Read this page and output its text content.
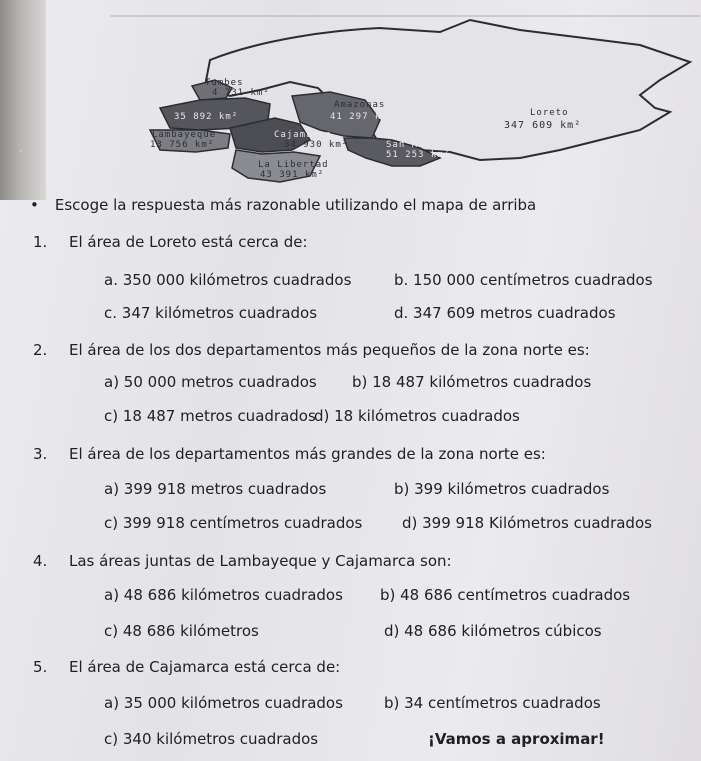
Tumbes
4 731 km²
35 892 km²
Lambayeque
13 756 km²
Amazonas
41 297 km²
Cajamarca
34 930 km²
Loreto
347 609 km²
San Martín
51 253 km²
La Libertad
43 391 km²
• Escoge la respuesta más razonable utilizando el mapa de arriba
1. El área de Loreto está cerca de:
a. 350 000 kilómetros cuadrados	b. 150 000 centímetros cuadrados
c. 347 kilómetros cuadrados	d. 347 609 metros cuadrados
2. El área de los dos departamentos más pequeños de la zona norte es:
a) 50 000 metros cuadrados b) 18 487 kilómetros cuadrados
c) 18 487 metros cuadrados
d) 18 kilómetros cuadrados
3. El área de los departamentos más grandes de la zona norte es:
a) 399 918 metros cuadrados	b) 399 kilómetros cuadrados
c) 399 918 centímetros cuadrados	d) 399 918 Kilómetros cuadrados
4. Las áreas juntas de Lambayeque y Cajamarca son:
a) 48 686 kilómetros cuadrados b) 48 686 centímetros cuadrados
c) 48 686 kilómetros	d) 48 686 kilómetros cúbicos
5. El área de Cajamarca está cerca de:
a) 35 000 kilómetros cuadrados	b) 34 centímetros cuadrados
c) 340 kilómetros cuadrados	¡Vamos a aproximar!
